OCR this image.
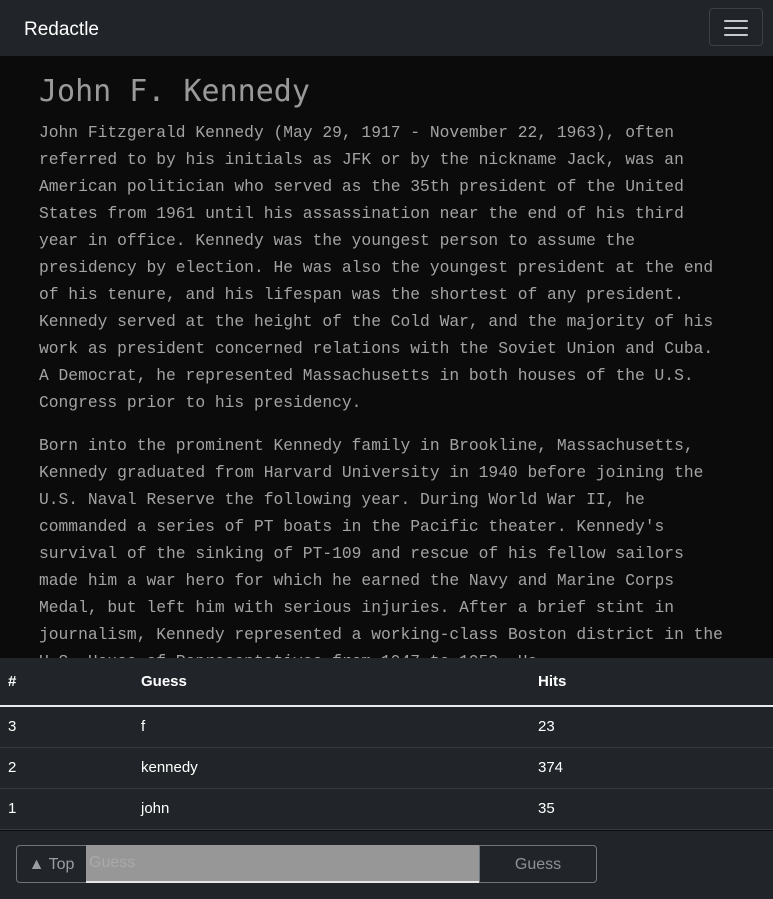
Redactle
John F. Kennedy

John Fitzgerald Kennedy (May 29, 1917 - November 22, 1963), often referred to by his initials as JFK or by the nickname Jack, was an American politician who served as the 35th president of the United States from 1961 until his assassination near the end of his third year in office. Kennedy was the youngest person to assume the presidency by election. He was also the youngest president at the end of his tenure, and his lifespan was the shortest of any president. Kennedy served at the height of the Cold War, and the majority of his work as president concerned relations with the Soviet Union and Cuba. A Democrat, he represented Massachusetts in both houses of the U.S. Congress prior to his presidency.

Born into the prominent Kennedy family in Brookline, Massachusetts, Kennedy graduated from Harvard University in 1940 before joining the U.S. Naval Reserve the following year. During World War II, he commanded a series of PT boats in the Pacific theater. Kennedy's survival of the sinking of PT-109 and rescue of his fellow sailors made him a war hero for which he earned the Navy and Marine Corps Medal, but left him with serious injuries. After a brief stint in journalism, Kennedy represented a working-class Boston district in the

#	Guess	Hits
3	f	23
2	kennedy	374
1	john	35
▲ Top
Guess	Guess
